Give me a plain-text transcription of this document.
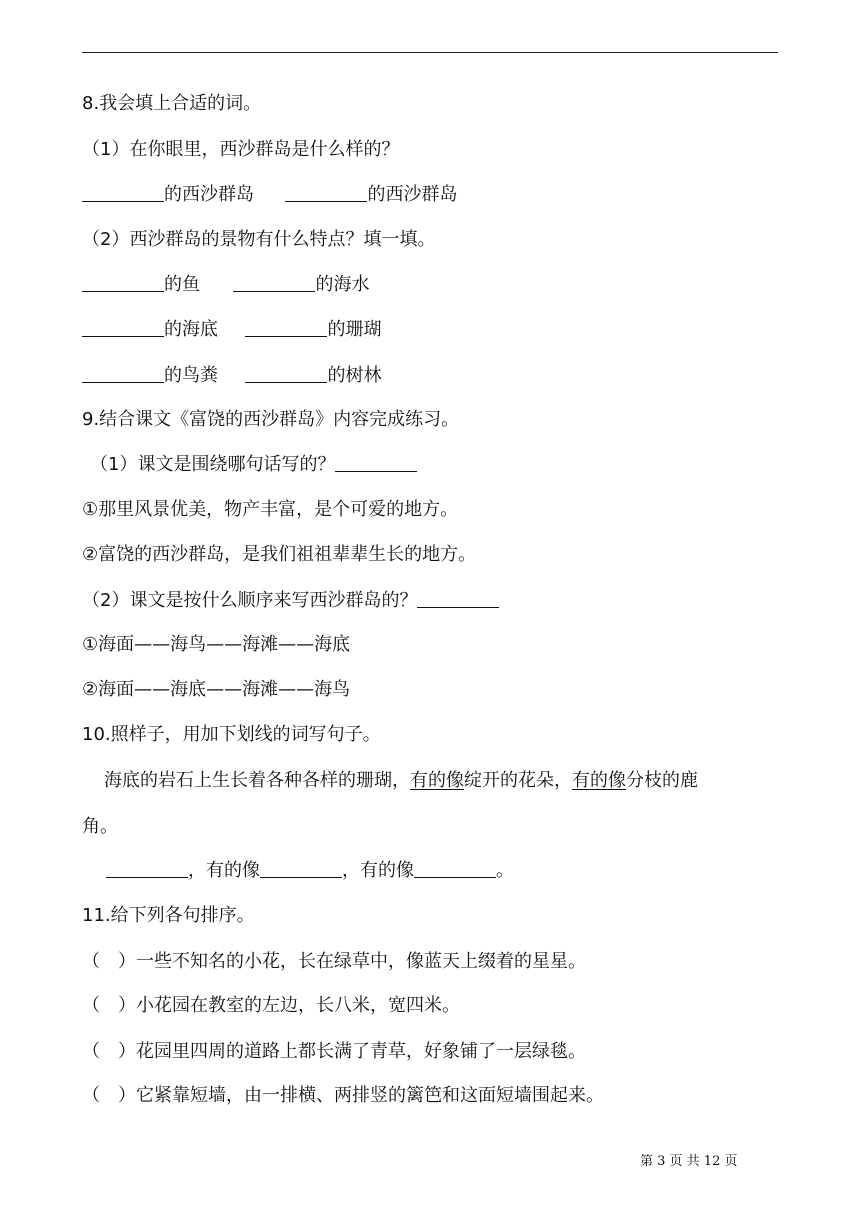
8.我会填上合适的词。
（1）在你眼里，西沙群岛是什么样的？
的西沙群岛	的西沙群岛
（2）西沙群岛的景物有什么特点？填一填。
的鱼	的海水
的海底	的珊瑚
的鸟粪	的树林
9.结合课文《富饶的西沙群岛》内容完成练习。
（1）课文是围绕哪句话写的？
①那里风景优美，物产丰富，是个可爱的地方。
②富饶的西沙群岛，是我们祖祖辈辈生长的地方。
（2）课文是按什么顺序来写西沙群岛的？
①海面——海鸟——海滩——海底
②海面——海底——海滩——海鸟
10.照样子，用加下划线的词写句子。
海底的岩石上生长着各种各样的珊瑚，有的像绽开的花朵，有的像分枝的鹿
角。
，有的像	，有的像	。
11.给下列各句排序。
（　）一些不知名的小花，长在绿草中，像蓝天上缀着的星星。
（　）小花园在教室的左边，长八米，宽四米。
（　）花园里四周的道路上都长满了青草，好象铺了一层绿毯。
（　）它紧靠短墙，由一排横、两排竖的篱笆和这面短墙围起来。
第 3 页 共 12 页
